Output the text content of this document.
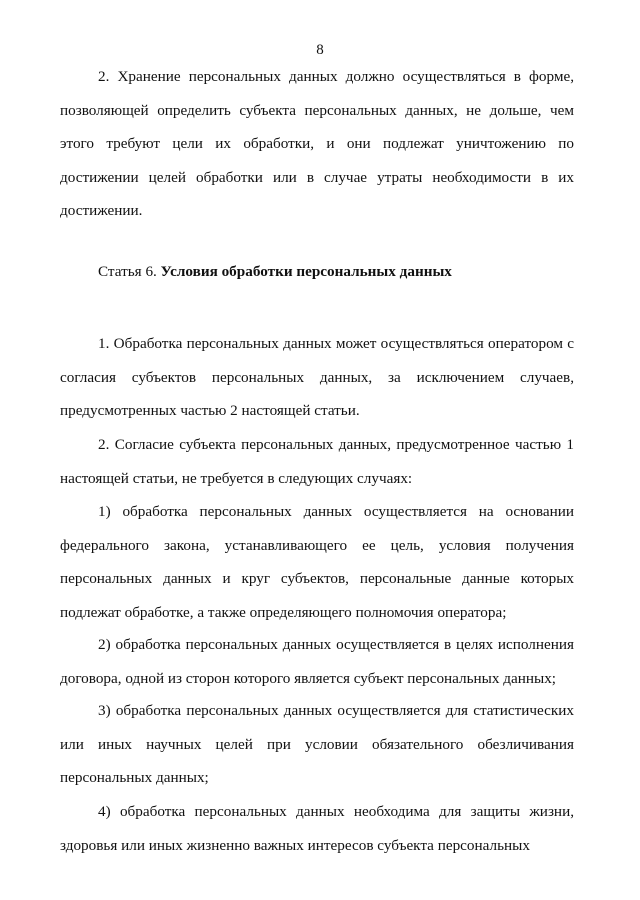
8

2. Хранение персональных данных должно осуществляться в форме, позволяющей определить субъекта персональных данных, не дольше, чем этого требуют цели их обработки, и они подлежат уничтожению по достижении целей обработки или в случае утраты необходимости в их достижении.

Статья 6. Условия обработки персональных данных

1. Обработка персональных данных может осуществляться оператором с согласия субъектов персональных данных, за исключением случаев, предусмотренных частью 2 настоящей статьи.

2. Согласие субъекта персональных данных, предусмотренное частью 1 настоящей статьи, не требуется в следующих случаях:

1) обработка персональных данных осуществляется на основании федерального закона, устанавливающего ее цель, условия получения персональных данных и круг субъектов, персональные данные которых подлежат обработке, а также определяющего полномочия оператора;

2) обработка персональных данных осуществляется в целях исполнения договора, одной из сторон которого является субъект персональных данных;

3) обработка персональных данных осуществляется для статистических или иных научных целей при условии обязательного обезличивания персональных данных;

4) обработка персональных данных необходима для защиты жизни, здоровья или иных жизненно важных интересов субъекта персональных
